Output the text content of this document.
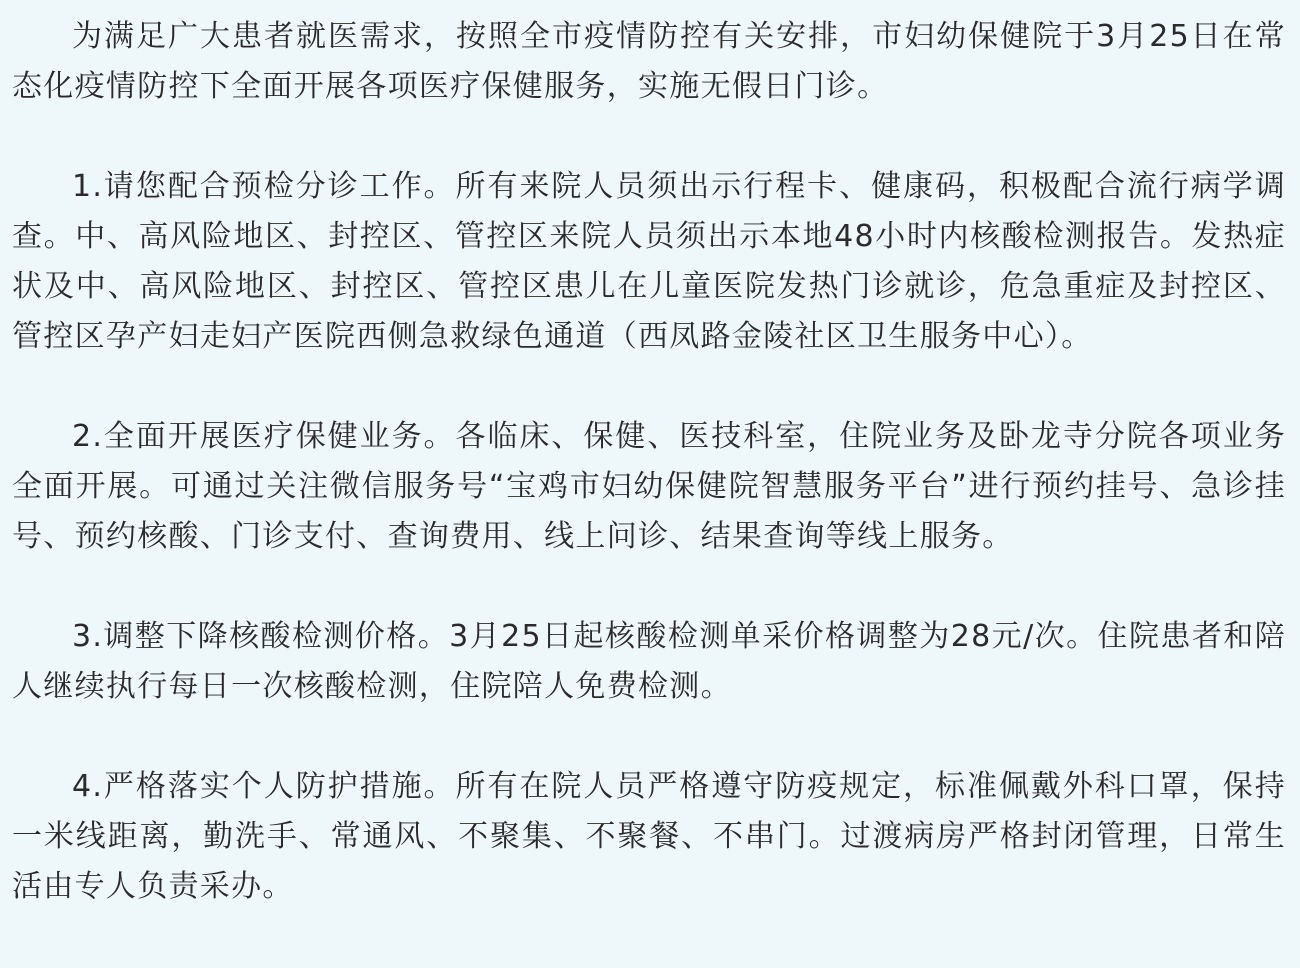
为满足广大患者就医需求，按照全市疫情防控有关安排，市妇幼保健院于3月25日在常态化疫情防控下全面开展各项医疗保健服务，实施无假日门诊。

1.请您配合预检分诊工作。所有来院人员须出示行程卡、健康码，积极配合流行病学调查。中、高风险地区、封控区、管控区来院人员须出示本地48小时内核酸检测报告。发热症状及中、高风险地区、封控区、管控区患儿在儿童医院发热门诊就诊，危急重症及封控区、管控区孕产妇走妇产医院西侧急救绿色通道（西凤路金陵社区卫生服务中心）。

2.全面开展医疗保健业务。各临床、保健、医技科室，住院业务及卧龙寺分院各项业务全面开展。可通过关注微信服务号“宝鸡市妇幼保健院智慧服务平台”进行预约挂号、急诊挂号、预约核酸、门诊支付、查询费用、线上问诊、结果查询等线上服务。

3.调整下降核酸检测价格。3月25日起核酸检测单采价格调整为28元/次。住院患者和陪人继续执行每日一次核酸检测，住院陪人免费检测。

4.严格落实个人防护措施。所有在院人员严格遵守防疫规定，标准佩戴外科口罩，保持一米线距离，勤洗手、常通风、不聚集、不聚餐、不串门。过渡病房严格封闭管理，日常生活由专人负责采办。
